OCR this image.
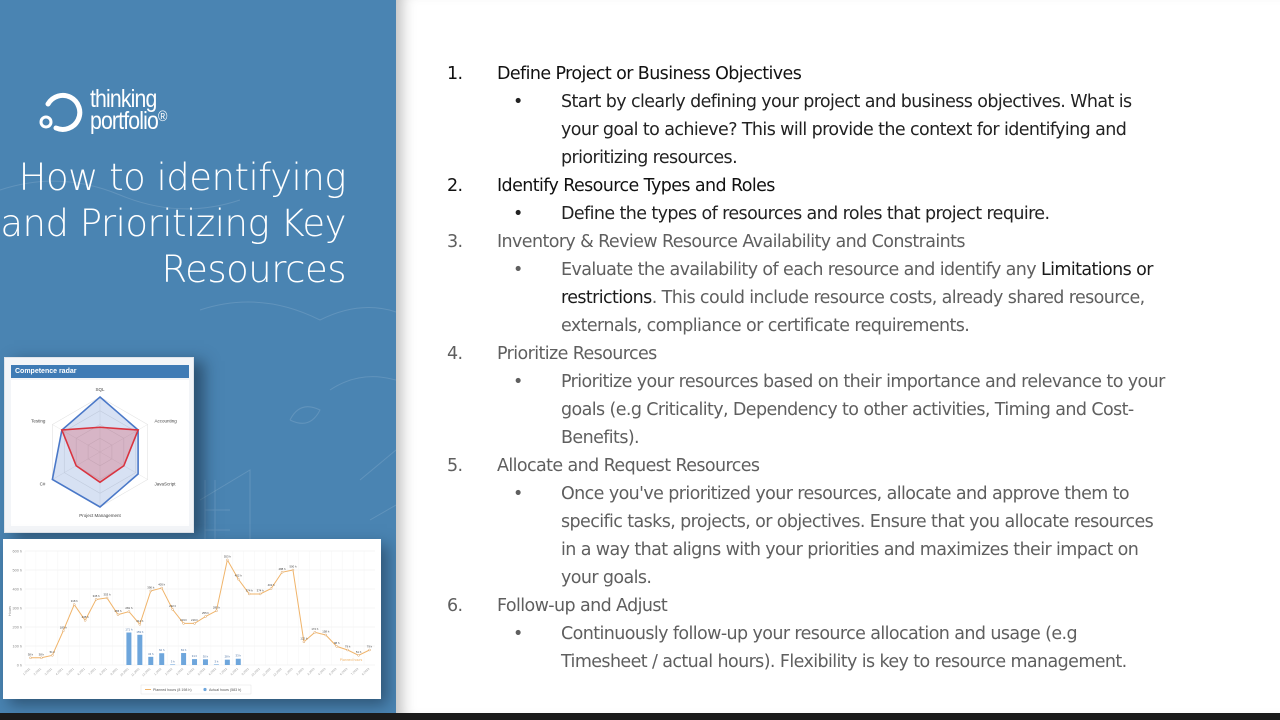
thinking
portfolio®
How to identifying
and Prioritizing Key
Resources
Competence radar
SQL
Accounting
JavaScript
Project Management
C#
Testing
0 h
100 h
200 h
300 h
400 h
500 h
600 h
Hours
171 h
159 h
43 h
62 h
3 h
63 h
31 h 30 h
3 h
28 h 33 h
38 h 38 h
51 h
180 h
318 h
235 h
345 h 353 h
265 h
281 h
214 h
390 h
405 h
292 h
219 h 219 h
255 h
285 h
553 h
452 h
374 h 374 h
402 h
488 h
500 h
122 h
172 h
158 h
98 h
79 h
51 h
79 h
1.2021 2.2021 3.2021 4.2021 5.2021 6.2021 7.2021 8.2021 9.2021 10.2021 11.2021 12.2021 1.2022 2.2022 3.2022 4.2022 5.2022 6.2022 7.2022 8.2022 9.2022 10.2022 11.2022 12.2022 1.2023 2.2023 3.2023 4.2023 5.2023 6.2023 7.2023 8.2023
Planned hours
Planned hours (8 198 h)	Actual hours (583 h)
1.	Define Project or Business Objectives
• Start by clearly defining your project and business objectives. What is
your goal to achieve? This will provide the context for identifying and
prioritizing resources.
2.	Identify Resource Types and Roles
• Define the types of resources and roles that project require.
3.	Inventory & Review Resource Availability and Constraints
• Evaluate the availability of each resource and identify any Limitations or
restrictions. This could include resource costs, already shared resource,
externals, compliance or certificate requirements.
4.	Prioritize Resources
• Prioritize your resources based on their importance and relevance to your
goals (e.g Criticality, Dependency to other activities, Timing and Cost-
Benefits).
5.	Allocate and Request Resources
• Once you've prioritized your resources, allocate and approve them to
specific tasks, projects, or objectives. Ensure that you allocate resources
in a way that aligns with your priorities and maximizes their impact on
your goals.
6.	Follow-up and Adjust
• Continuously follow-up your resource allocation and usage (e.g
Timesheet / actual hours). Flexibility is key to resource management.
